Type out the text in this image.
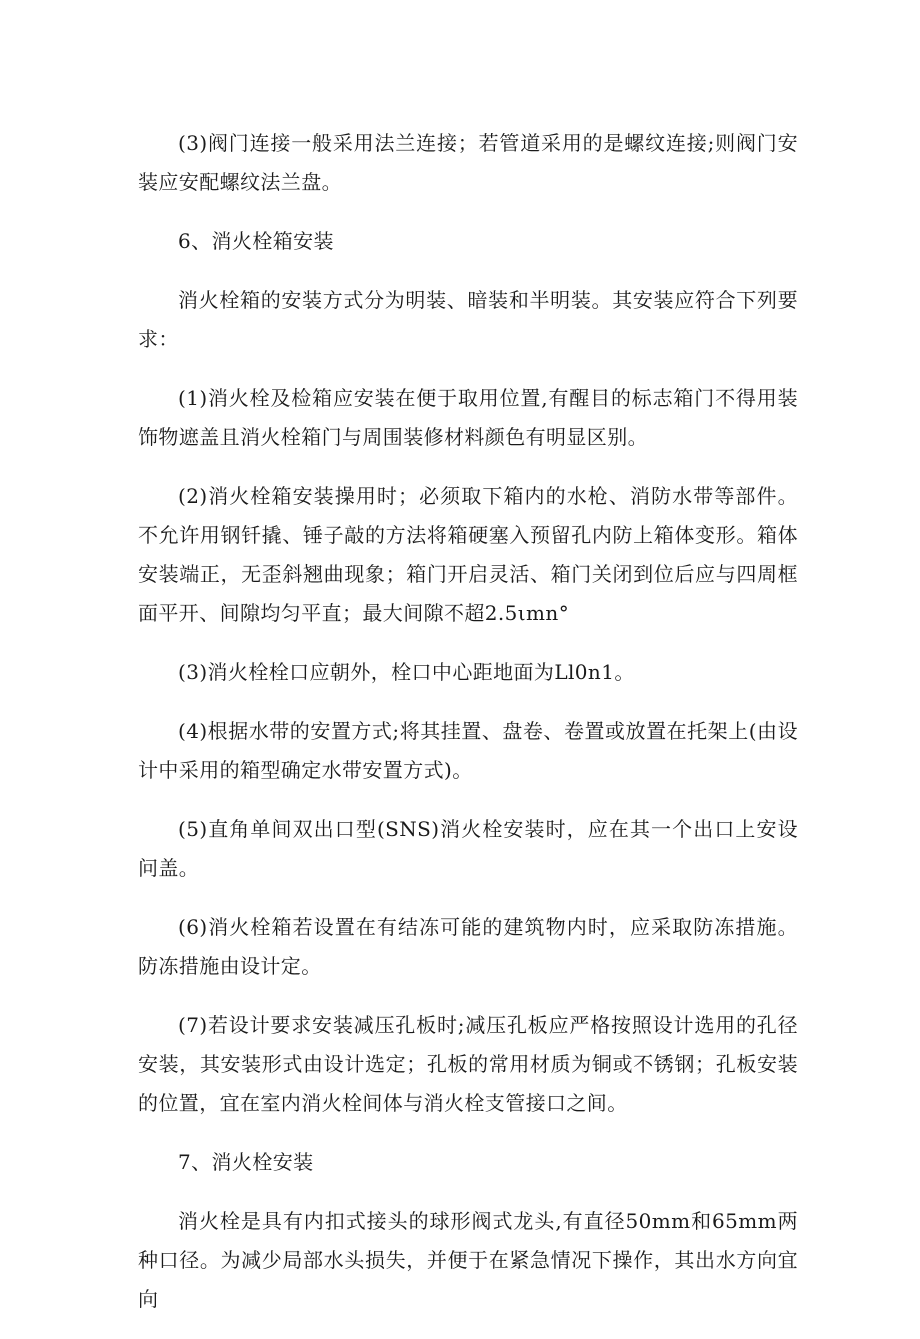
(3)阀门连接一般采用法兰连接；若管道采用的是螺纹连接;则阀门安装应安配螺纹法兰盘。

6、消火栓箱安装

消火栓箱的安装方式分为明装、暗装和半明装。其安装应符合下列要求：

(1)消火栓及检箱应安装在便于取用位置,有醒目的标志箱门不得用装饰物遮盖且消火栓箱门与周围装修材料颜色有明显区别。

(2)消火栓箱安装操用时；必须取下箱内的水枪、消防水带等部件。不允许用钢钎撬、锤子敲的方法将箱硬塞入预留孔内防上箱体变形。箱体安装端正，无歪斜翘曲现象；箱门开启灵活、箱门关闭到位后应与四周框面平开、间隙均匀平直；最大间隙不超2.5ιmn°

(3)消火栓栓口应朝外，栓口中心距地面为Ll0n1。

(4)根据水带的安置方式;将其挂置、盘卷、卷置或放置在托架上(由设计中采用的箱型确定水带安置方式)。

(5)直角单间双出口型(SNS)消火栓安装时，应在其一个出口上安设问盖。

(6)消火栓箱若设置在有结冻可能的建筑物内时，应采取防冻措施。防冻措施由设计定。

(7)若设计要求安装减压孔板时;减压孔板应严格按照设计选用的孔径安装，其安装形式由设计选定；孔板的常用材质为铜或不锈钢；孔板安装的位置，宜在室内消火栓间体与消火栓支管接口之间。

7、消火栓安装

消火栓是具有内扣式接头的球形阀式龙头,有直径50mm和65mm两种口径。为减少局部水头损失，并便于在紧急情况下操作，其出水方向宜向
